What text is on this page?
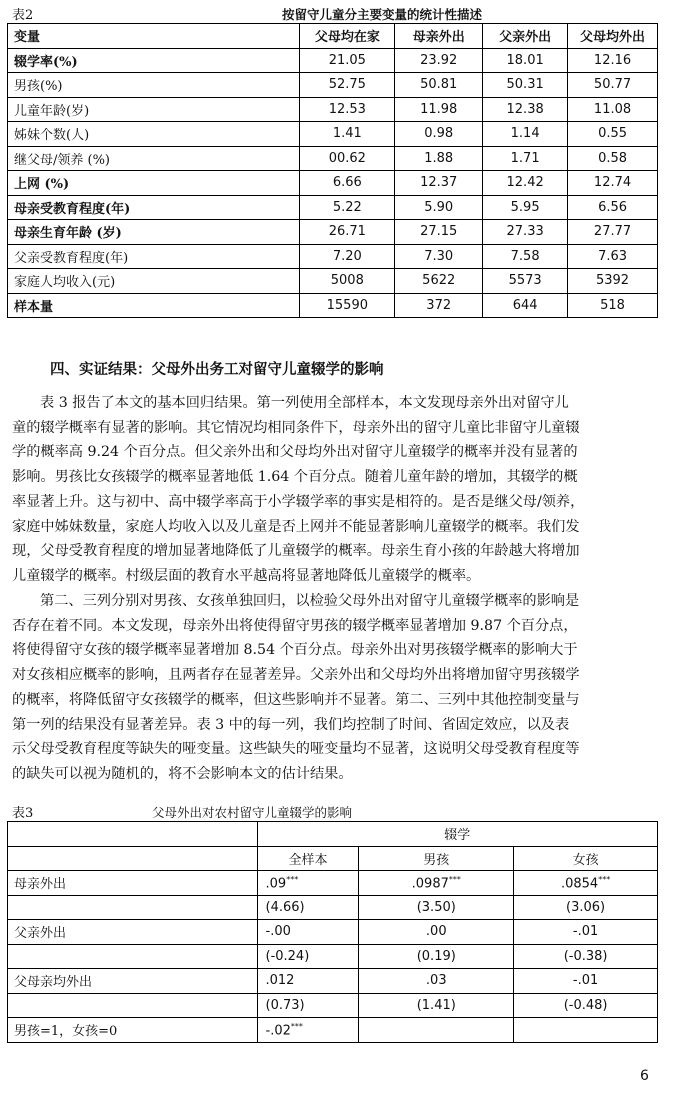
表2	按留守儿童分主要变量的统计性描述
变量	父母均在家	母亲外出	父亲外出	父母均外出
辍学率(%)	21.05	23.92	18.01	12.16
男孩(%)	52.75	50.81	50.31	50.77
儿童年龄(岁)	12.53	11.98	12.38	11.08
姊妹个数(人)	1.41	0.98	1.14	0.55
继父母/领养 (%)	00.62	1.88	1.71	0.58
上网 (%)	6.66	12.37	12.42	12.74
母亲受教育程度(年)	5.22	5.90	5.95	6.56
母亲生育年龄 (岁)	26.71	27.15	27.33	27.77
父亲受教育程度(年)	7.20	7.30	7.58	7.63
家庭人均收入(元)	5008	5622	5573	5392
样本量	15590	372	644	518
四、实证结果：父母外出务工对留守儿童辍学的影响
表 3 报告了本文的基本回归结果。第一列使用全部样本，本文发现母亲外出对留守儿
童的辍学概率有显著的影响。其它情况均相同条件下，母亲外出的留守儿童比非留守儿童辍
学的概率高 9.24 个百分点。但父亲外出和父母均外出对留守儿童辍学的概率并没有显著的
影响。男孩比女孩辍学的概率显著地低 1.64 个百分点。随着儿童年龄的增加，其辍学的概
率显著上升。这与初中、高中辍学率高于小学辍学率的事实是相符的。是否是继父母/领养，
家庭中姊妹数量，家庭人均收入以及儿童是否上网并不能显著影响儿童辍学的概率。我们发
现，父母受教育程度的增加显著地降低了儿童辍学的概率。母亲生育小孩的年龄越大将增加
儿童辍学的概率。村级层面的教育水平越高将显著地降低儿童辍学的概率。
第二、三列分别对男孩、女孩单独回归，以检验父母外出对留守儿童辍学概率的影响是
否存在着不同。本文发现，母亲外出将使得留守男孩的辍学概率显著增加 9.87 个百分点，
将使得留守女孩的辍学概率显著增加 8.54 个百分点。母亲外出对男孩辍学概率的影响大于
对女孩相应概率的影响，且两者存在显著差异。父亲外出和父母均外出将增加留守男孩辍学
的概率，将降低留守女孩辍学的概率，但这些影响并不显著。第二、三列中其他控制变量与
第一列的结果没有显著差异。表 3 中的每一列，我们均控制了时间、省固定效应，以及表
示父母受教育程度等缺失的哑变量。这些缺失的哑变量均不显著，这说明父母受教育程度等
的缺失可以视为随机的，将不会影响本文的估计结果。
表3	父母外出对农村留守儿童辍学的影响
	辍学		
	全样本	男孩	女孩
母亲外出	.09***	.0987***	.0854***
	(4.66)	(3.50)	(3.06)
父亲外出	-.00	.00	-.01
	(-0.24)	(0.19)	(-0.38)
父母亲均外出	.012	.03	-.01
	(0.73)	(1.41)	(-0.48)
男孩=1，女孩=0	-.02***		
6
